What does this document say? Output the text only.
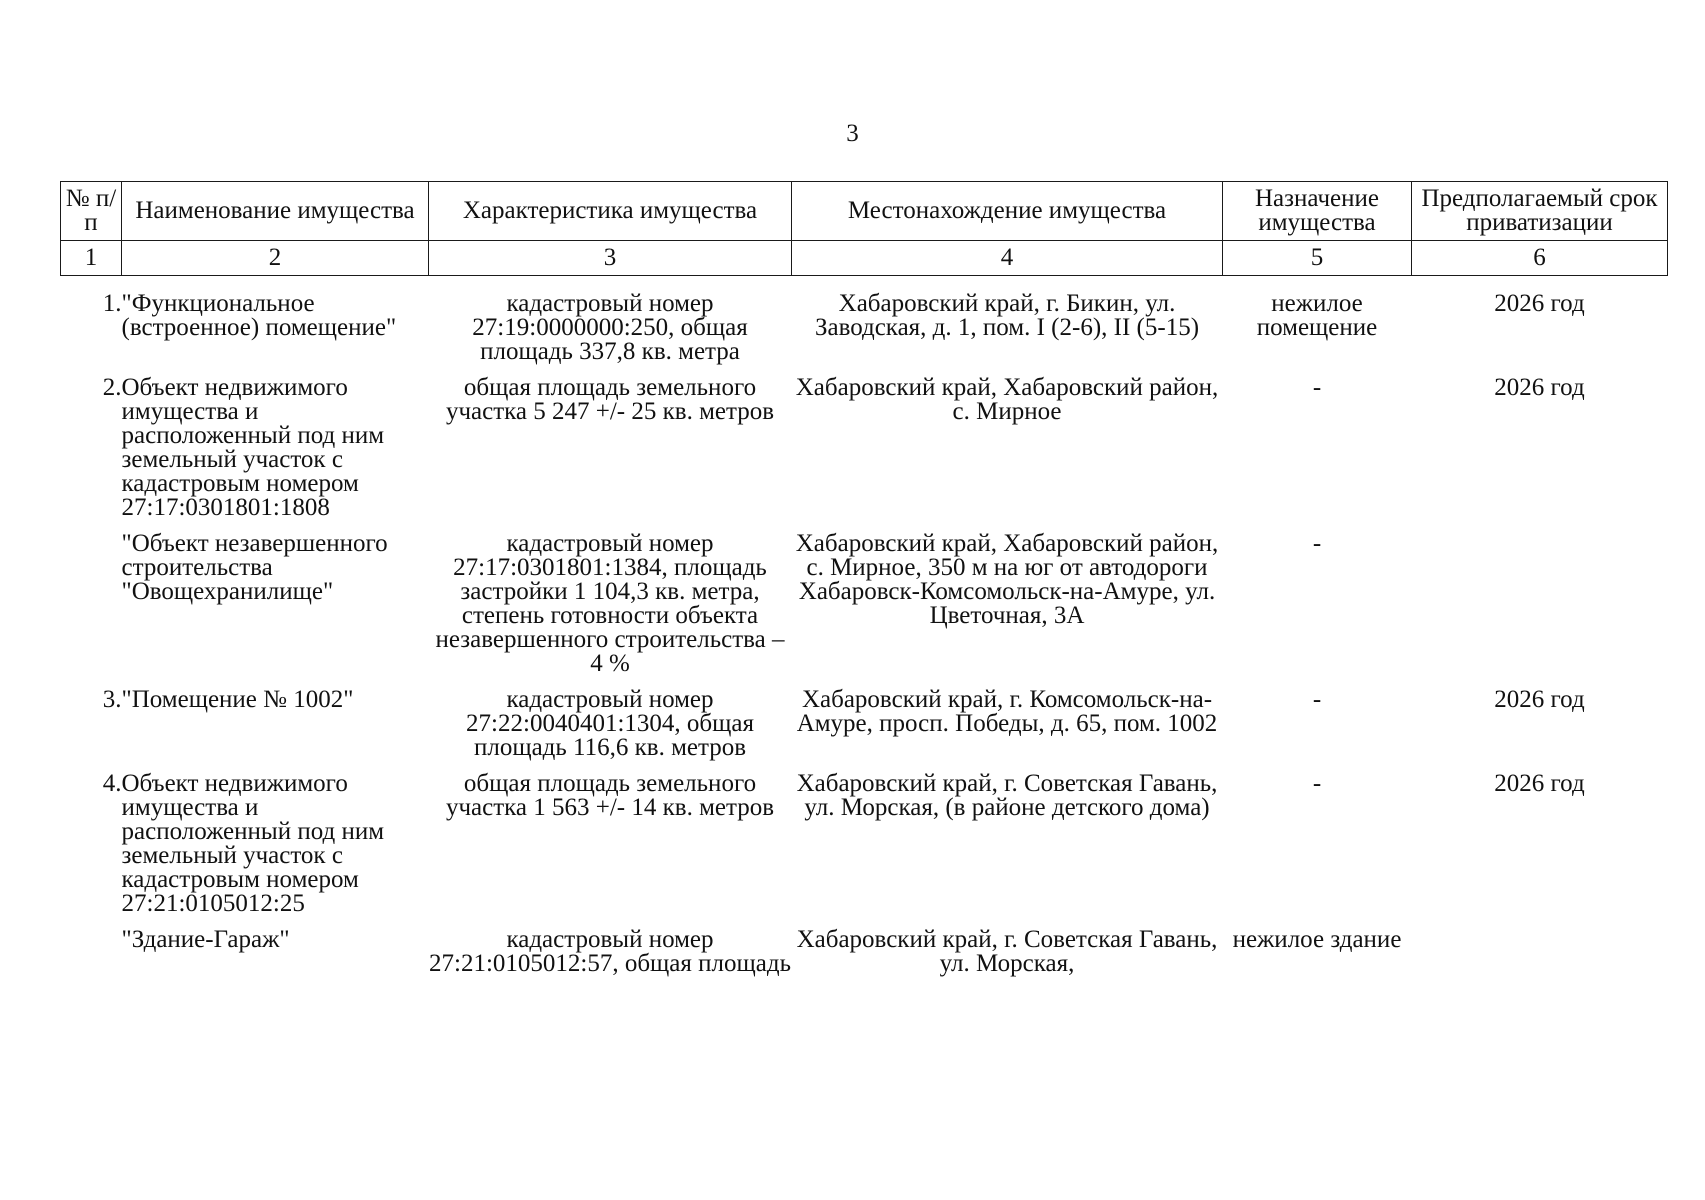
3
№ п/п	Наименование имущества	Характеристика имущества	Местонахождение имущества	Назначение имущества	Предполагаемый срок приватизации
1	2	3	4	5	6

1.	"Функциональное (встроенное) помещение"	кадастровый номер 27:19:0000000:250, общая площадь 337,8 кв. метра	Хабаровский край, г. Бикин, ул. Заводская, д. 1, пом. I (2-6), II (5-15)	нежилое помещение	2026 год

2.	Объект недвижимого имущества и расположенный под ним земельный участок с кадастровым номером 27:17:0301801:1808	общая площадь земельного участка 5 247 +/- 25 кв. метров	Хабаровский край, Хабаровский район, с. Мирное	-	2026 год

	"Объект незавершенного строительства "Овощехранилище"	кадастровый номер 27:17:0301801:1384, площадь застройки 1 104,3 кв. метра, степень готовности объекта незавершенного строительства – 4 %	Хабаровский край, Хабаровский район, с. Мирное, 350 м на юг от автодороги Хабаровск-Комсомольск-на-Амуре, ул. Цветочная, 3А	-	

3.	"Помещение № 1002"	кадастровый номер 27:22:0040401:1304, общая площадь 116,6 кв. метров	Хабаровский край, г. Комсомольск-на-Амуре, просп. Победы, д. 65, пом. 1002	-	2026 год

4.	Объект недвижимого имущества и расположенный под ним земельный участок с кадастровым номером 27:21:0105012:25	общая площадь земельного участка 1 563 +/- 14 кв. метров	Хабаровский край, г. Советская Гавань, ул. Морская, (в районе детского дома)	-	2026 год

	"Здание-Гараж"	кадастровый номер 27:21:0105012:57, общая площадь	Хабаровский край, г. Советская Гавань, ул. Морская,	нежилое здание	
